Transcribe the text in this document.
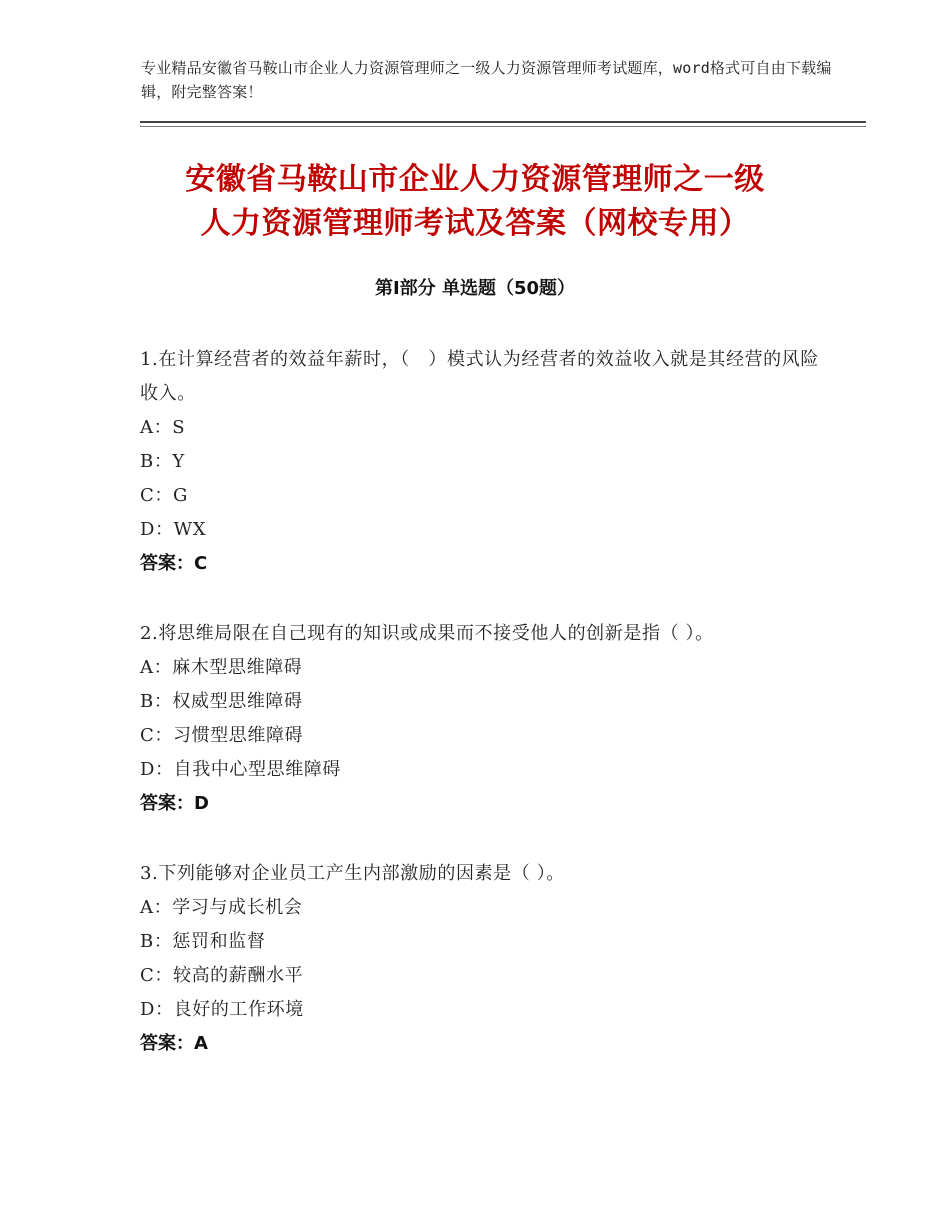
专业精品安徽省马鞍山市企业人力资源管理师之一级人力资源管理师考试题库，word格式可自由下载编辑，附完整答案！
安徽省马鞍山市企业人力资源管理师之一级
人力资源管理师考试及答案（网校专用）
第Ⅰ部分 单选题（50题）
1.在计算经营者的效益年薪时，（　）模式认为经营者的效益收入就是其经营的风险收入。
A：S
B：Y
C：G
D：WX
答案：C
2.将思维局限在自己现有的知识或成果而不接受他人的创新是指（ ）。
A：麻木型思维障碍
B：权威型思维障碍
C：习惯型思维障碍
D：自我中心型思维障碍
答案：D
3.下列能够对企业员工产生内部激励的因素是（ ）。
A：学习与成长机会
B：惩罚和监督
C：较高的薪酬水平
D：良好的工作环境
答案：A
